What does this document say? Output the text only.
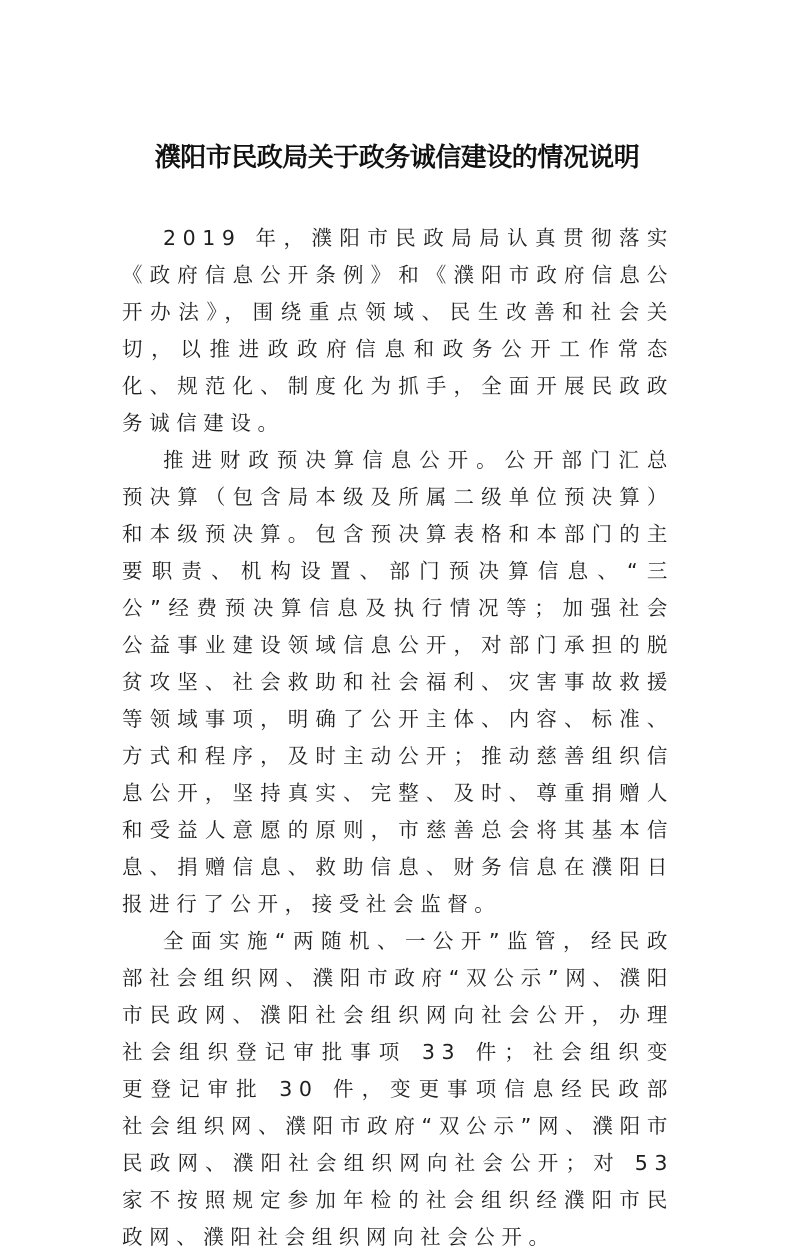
濮阳市民政局关于政务诚信建设的情况说明

2019 年，濮阳市民政局局认真贯彻落实《政府信息公开条例》和《濮阳市政府信息公开办法》，围绕重点领域、民生改善和社会关切，以推进政政府信息和政务公开工作常态化、规范化、制度化为抓手，全面开展民政政务诚信建设。

推进财政预决算信息公开。公开部门汇总预决算（包含局本级及所属二级单位预决算）和本级预决算。包含预决算表格和本部门的主要职责、机构设置、部门预决算信息、“三公”经费预决算信息及执行情况等；加强社会公益事业建设领域信息公开，对部门承担的脱贫攻坚、社会救助和社会福利、灾害事故救援等领域事项，明确了公开主体、内容、标准、方式和程序，及时主动公开；推动慈善组织信息公开，坚持真实、完整、及时、尊重捐赠人和受益人意愿的原则，市慈善总会将其基本信息、捐赠信息、救助信息、财务信息在濮阳日报进行了公开，接受社会监督。

全面实施“两随机、一公开”监管，经民政部社会组织网、濮阳市政府“双公示”网、濮阳市民政网、濮阳社会组织网向社会公开，办理社会组织登记审批事项 33 件；社会组织变更登记审批 30 件，变更事项信息经民政部社会组织网、濮阳市政府“双公示”网、濮阳市民政网、濮阳社会组织网向社会公开；对 53 家不按照规定参加年检的社会组织经濮阳市民政网、濮阳社会组织网向社会公开。
